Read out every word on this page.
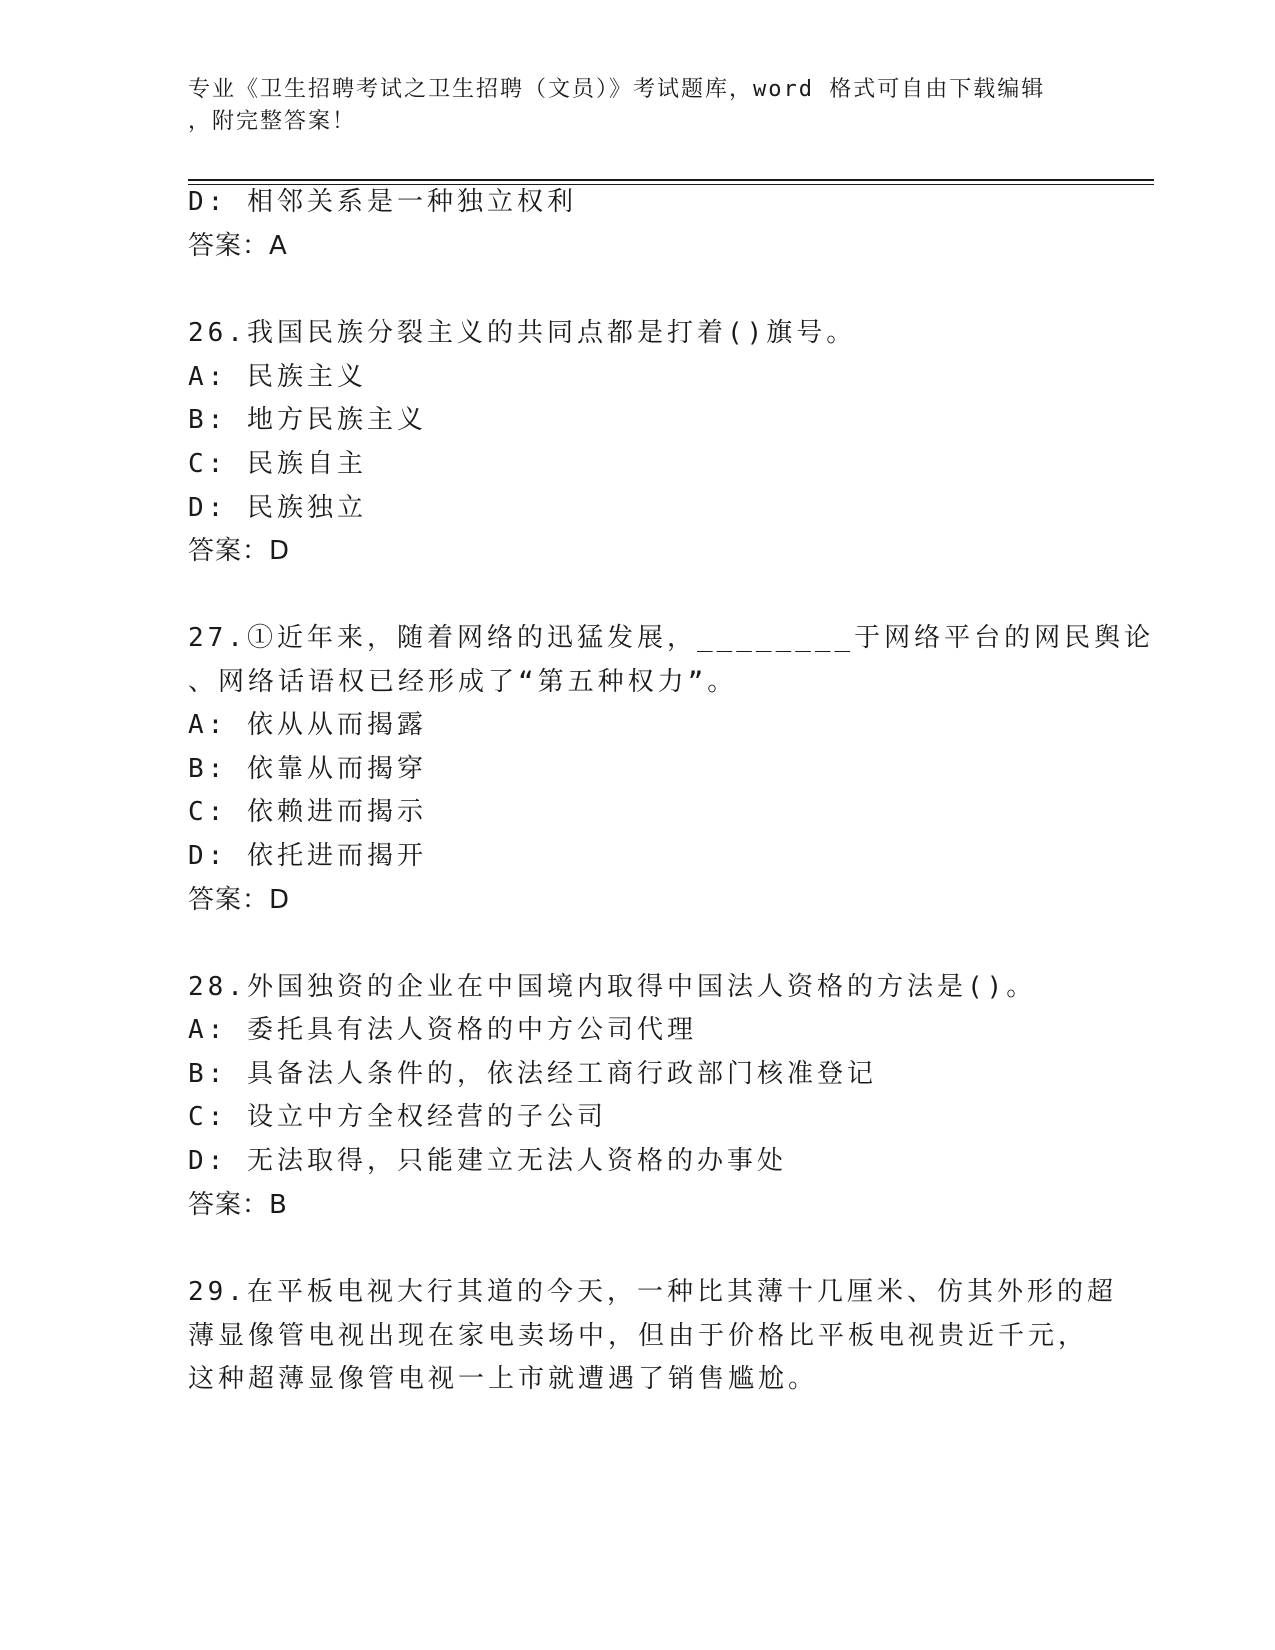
专业《卫生招聘考试之卫生招聘（文员）》考试题库，word 格式可自由下载编辑
，附完整答案！
D: 相邻关系是一种独立权利
答案：A
26.我国民族分裂主义的共同点都是打着()旗号。
A: 民族主义
B: 地方民族主义
C: 民族自主
D: 民族独立
答案：D
27.①近年来，随着网络的迅猛发展，________于网络平台的网民舆论
、网络话语权已经形成了“第五种权力”。
A: 依从从而揭露
B: 依靠从而揭穿
C: 依赖进而揭示
D: 依托进而揭开
答案：D
28.外国独资的企业在中国境内取得中国法人资格的方法是()。
A: 委托具有法人资格的中方公司代理
B: 具备法人条件的，依法经工商行政部门核准登记
C: 设立中方全权经营的子公司
D: 无法取得，只能建立无法人资格的办事处
答案：B
29.在平板电视大行其道的今天，一种比其薄十几厘米、仿其外形的超
薄显像管电视出现在家电卖场中，但由于价格比平板电视贵近千元，
这种超薄显像管电视一上市就遭遇了销售尴尬。
